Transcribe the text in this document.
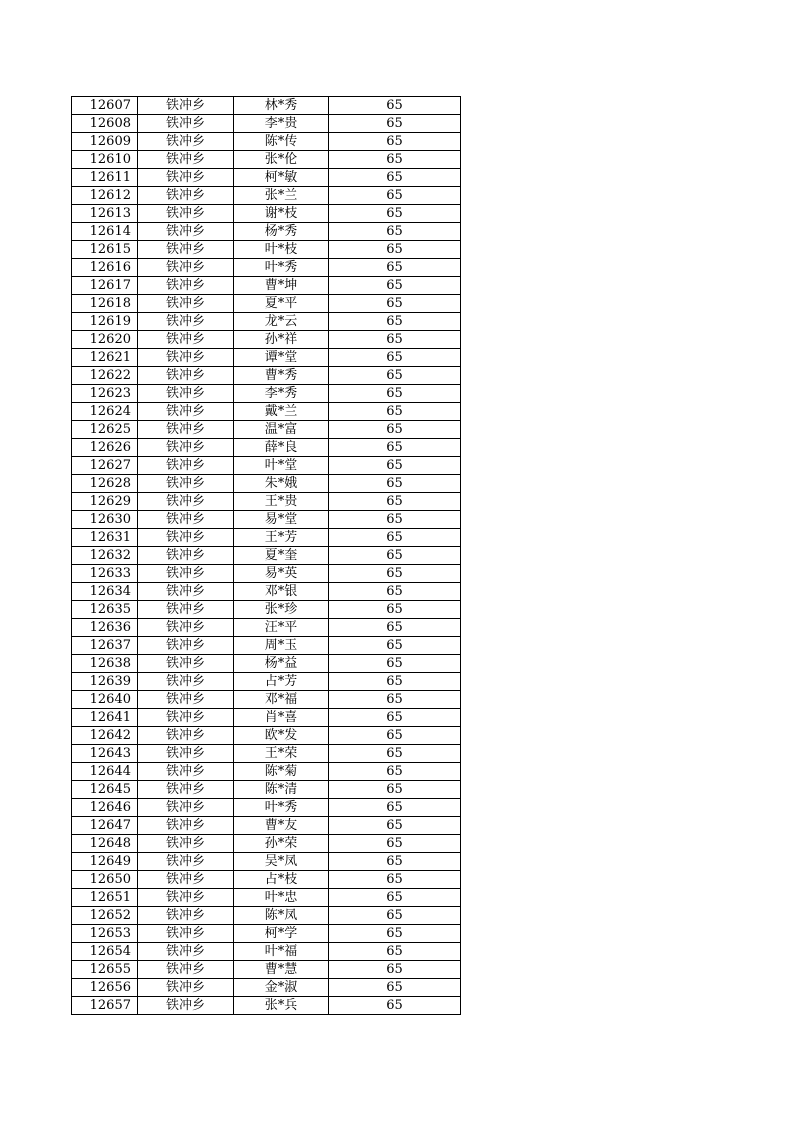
12607	铁冲乡	林*秀	65
12608	铁冲乡	李*贵	65
12609	铁冲乡	陈*传	65
12610	铁冲乡	张*伦	65
12611	铁冲乡	柯*敏	65
12612	铁冲乡	张*兰	65
12613	铁冲乡	谢*枝	65
12614	铁冲乡	杨*秀	65
12615	铁冲乡	叶*枝	65
12616	铁冲乡	叶*秀	65
12617	铁冲乡	曹*坤	65
12618	铁冲乡	夏*平	65
12619	铁冲乡	龙*云	65
12620	铁冲乡	孙*祥	65
12621	铁冲乡	谭*堂	65
12622	铁冲乡	曹*秀	65
12623	铁冲乡	李*秀	65
12624	铁冲乡	戴*兰	65
12625	铁冲乡	温*富	65
12626	铁冲乡	薛*良	65
12627	铁冲乡	叶*堂	65
12628	铁冲乡	朱*娥	65
12629	铁冲乡	王*贵	65
12630	铁冲乡	易*堂	65
12631	铁冲乡	王*芳	65
12632	铁冲乡	夏*奎	65
12633	铁冲乡	易*英	65
12634	铁冲乡	邓*银	65
12635	铁冲乡	张*珍	65
12636	铁冲乡	汪*平	65
12637	铁冲乡	周*玉	65
12638	铁冲乡	杨*益	65
12639	铁冲乡	占*芳	65
12640	铁冲乡	邓*福	65
12641	铁冲乡	肖*喜	65
12642	铁冲乡	欧*发	65
12643	铁冲乡	王*荣	65
12644	铁冲乡	陈*菊	65
12645	铁冲乡	陈*清	65
12646	铁冲乡	叶*秀	65
12647	铁冲乡	曹*友	65
12648	铁冲乡	孙*荣	65
12649	铁冲乡	吴*凤	65
12650	铁冲乡	占*枝	65
12651	铁冲乡	叶*忠	65
12652	铁冲乡	陈*凤	65
12653	铁冲乡	柯*学	65
12654	铁冲乡	叶*福	65
12655	铁冲乡	曹*慧	65
12656	铁冲乡	金*淑	65
12657	铁冲乡	张*兵	65
